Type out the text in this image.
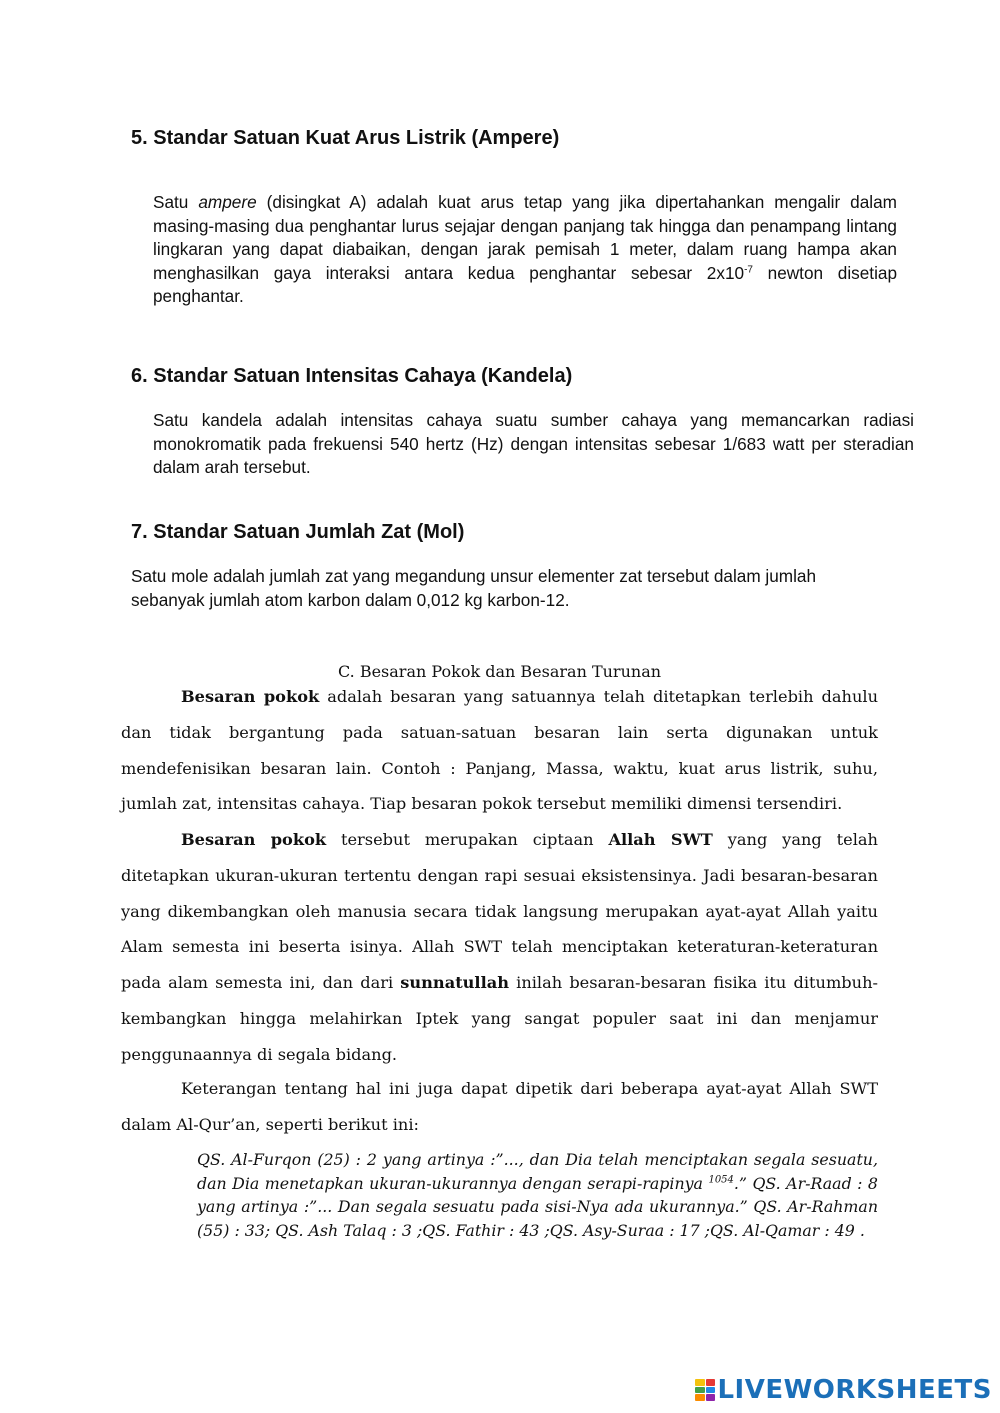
5. Standar Satuan Kuat Arus Listrik (Ampere)

Satu ampere (disingkat A) adalah kuat arus tetap yang jika dipertahankan mengalir dalam masing-masing dua penghantar lurus sejajar dengan panjang tak hingga dan penampang lintang lingkaran yang dapat diabaikan, dengan jarak pemisah 1 meter, dalam ruang hampa akan menghasilkan gaya interaksi antara kedua penghantar sebesar $2x10^{-7}$ newton disetiap penghantar.

6. Standar Satuan Intensitas Cahaya (Kandela)

Satu kandela adalah intensitas cahaya suatu sumber cahaya yang memancarkan radiasi monokromatik pada frekuensi 540 hertz (Hz) dengan intensitas sebesar 1/683 watt per steradian dalam arah tersebut.

7. Standar Satuan Jumlah Zat (Mol)

Satu mole adalah jumlah zat yang megandung unsur elementer zat tersebut dalam jumlah sebanyak jumlah atom karbon dalam 0,012 kg karbon-12.

C. Besaran Pokok dan Besaran Turunan

Besaran pokok adalah besaran yang satuannya telah ditetapkan terlebih dahulu dan tidak bergantung pada satuan-satuan besaran lain serta digunakan untuk mendefenisikan besaran lain. Contoh : Panjang, Massa, waktu, kuat arus listrik, suhu, jumlah zat, intensitas cahaya. Tiap besaran pokok tersebut memiliki dimensi tersendiri.

Besaran pokok tersebut merupakan ciptaan Allah SWT yang yang telah ditetapkan ukuran-ukuran tertentu dengan rapi sesuai eksistensinya. Jadi besaran-besaran yang dikembangkan oleh manusia secara tidak langsung merupakan ayat-ayat Allah yaitu Alam semesta ini beserta isinya. Allah SWT telah menciptakan keteraturan-keteraturan pada alam semesta ini, dan dari sunnatullah inilah besaran-besaran fisika itu ditumbuh-kembangkan hingga melahirkan Iptek yang sangat populer saat ini dan menjamur penggunaannya di segala bidang.

Keterangan tentang hal ini juga dapat dipetik dari beberapa ayat-ayat Allah SWT dalam Al-Qur’an, seperti berikut ini:

QS. Al-Furqon (25) : 2 yang artinya :”..., dan Dia telah menciptakan segala sesuatu, dan Dia menetapkan ukuran-ukurannya dengan serapi-rapinya $^{1054}$.” QS. Ar-Raad : 8 yang artinya :”... Dan segala sesuatu pada sisi-Nya ada ukurannya.” QS. Ar-Rahman (55) : 33; QS. Ash Talaq : 3 ;QS. Fathir : 43 ;QS. Asy-Suraa : 17 ;QS. Al-Qamar : 49 .

LIVEWORKSHEETS
